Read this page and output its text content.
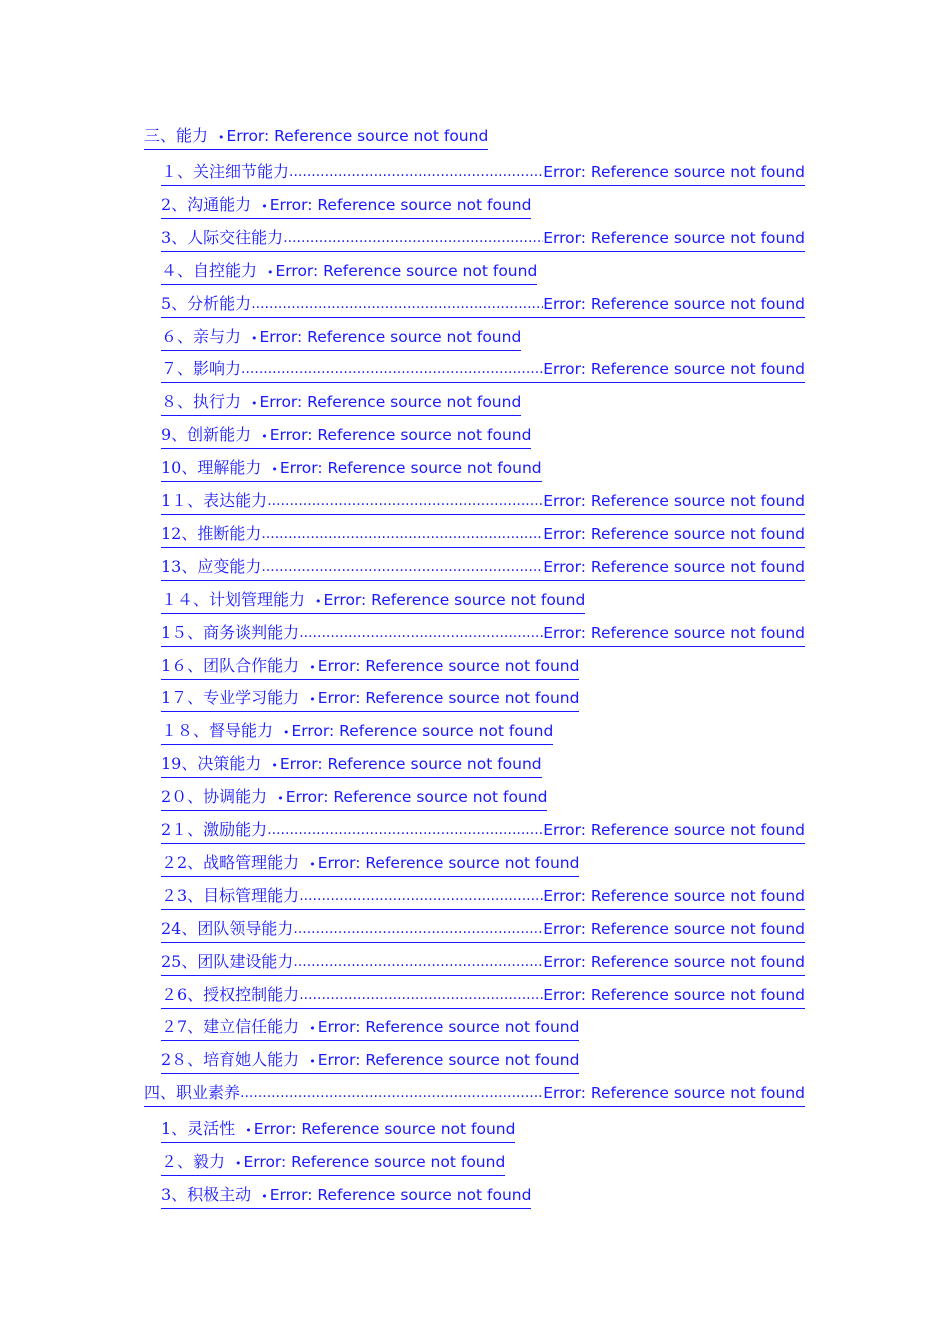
三、能力 • Error: Reference source not found
１、关注细节能力 .....	Error: Reference source not found
2、沟通能力 • Error: Reference source not found
3、人际交往能力 .....	Error: Reference source not found
４、自控能力 • Error: Reference source not found
5、分析能力 .....	Error: Reference source not found
６、亲与力 • Error: Reference source not found
７、影响力 .....	Error: Reference source not found
８、执行力 • Error: Reference source not found
9、创新能力 • Error: Reference source not found
10、理解能力 • Error: Reference source not found
1１、表达能力 .....	Error: Reference source not found
12、推断能力 .....	Error: Reference source not found
13、应变能力 .....	Error: Reference source not found
１４、计划管理能力 • Error: Reference source not found
1５、商务谈判能力 .....	Error: Reference source not found
1６、团队合作能力 • Error: Reference source not found
1７、专业学习能力 • Error: Reference source not found
１８、督导能力 • Error: Reference source not found
19、决策能力 • Error: Reference source not found
2０、协调能力 • Error: Reference source not found
2１、激励能力 .....	Error: Reference source not found
２2、战略管理能力 • Error: Reference source not found
２3、目标管理能力 .....	Error: Reference source not found
24、团队领导能力 .....	Error: Reference source not found
25、团队建设能力 .....	Error: Reference source not found
２6、授权控制能力 .....	Error: Reference source not found
２7、建立信任能力 • Error: Reference source not found
2８、培育她人能力 • Error: Reference source not found
四、职业素养 .....	Error: Reference source not found
1、灵活性 • Error: Reference source not found
２、毅力 • Error: Reference source not found
3、积极主动 • Error: Reference source not found
